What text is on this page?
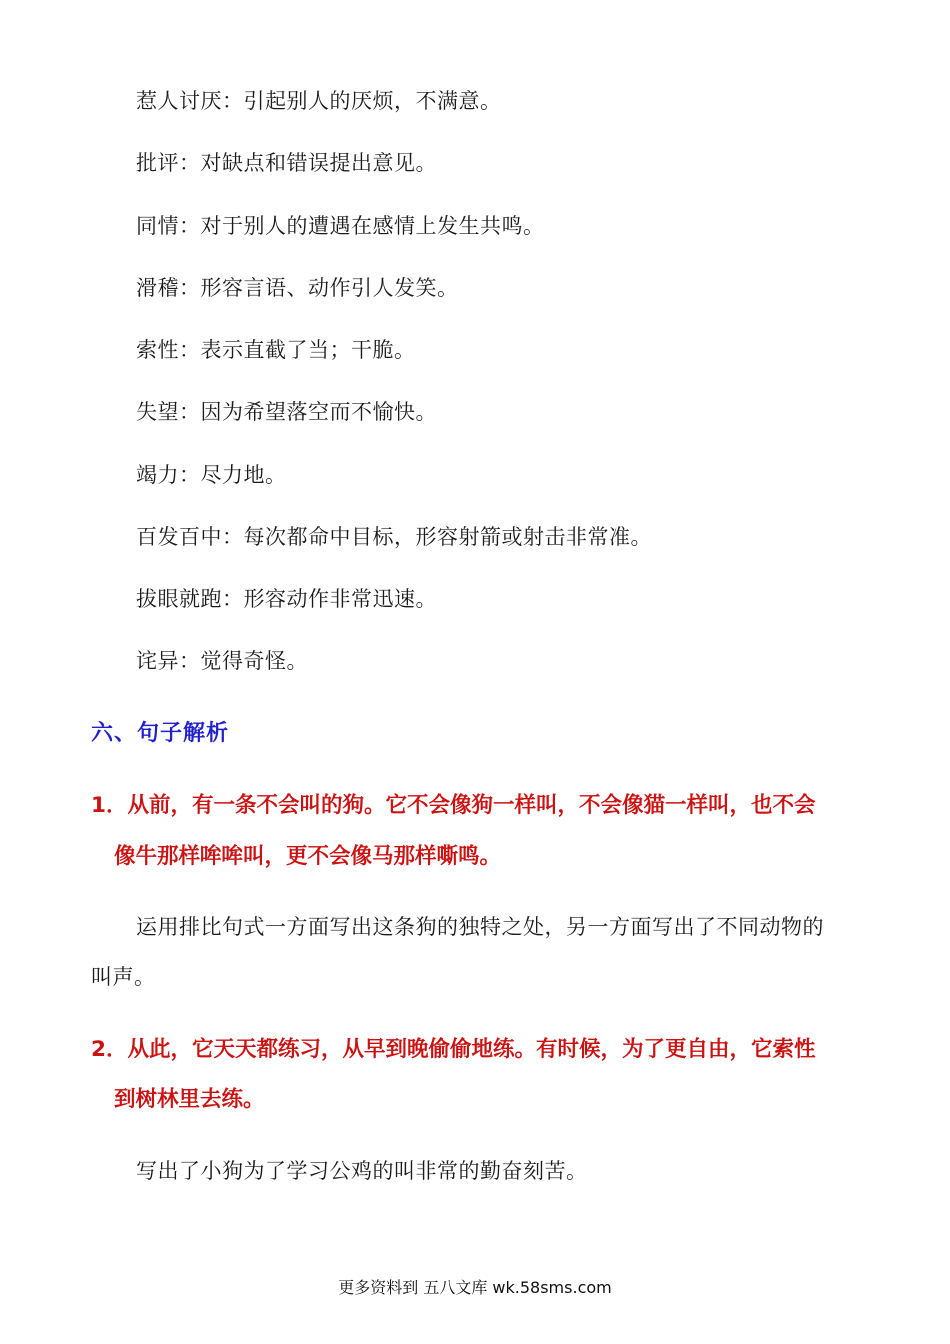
惹人讨厌：引起别人的厌烦，不满意。
批评：对缺点和错误提出意见。
同情：对于别人的遭遇在感情上发生共鸣。
滑稽：形容言语、动作引人发笑。
索性：表示直截了当；干脆。
失望：因为希望落空而不愉快。
竭力：尽力地。
百发百中：每次都命中目标，形容射箭或射击非常准。
拔眼就跑：形容动作非常迅速。
诧异：觉得奇怪。
六、句子解析
1．从前，有一条不会叫的狗。它不会像狗一样叫，不会像猫一样叫，也不会
像牛那样哞哞叫，更不会像马那样嘶鸣。
运用排比句式一方面写出这条狗的独特之处，另一方面写出了不同动物的
叫声。
2．从此，它天天都练习，从早到晚偷偷地练。有时候，为了更自由，它索性
到树林里去练。
写出了小狗为了学习公鸡的叫非常的勤奋刻苦。
更多资料到 五八文库 wk.58sms.com
